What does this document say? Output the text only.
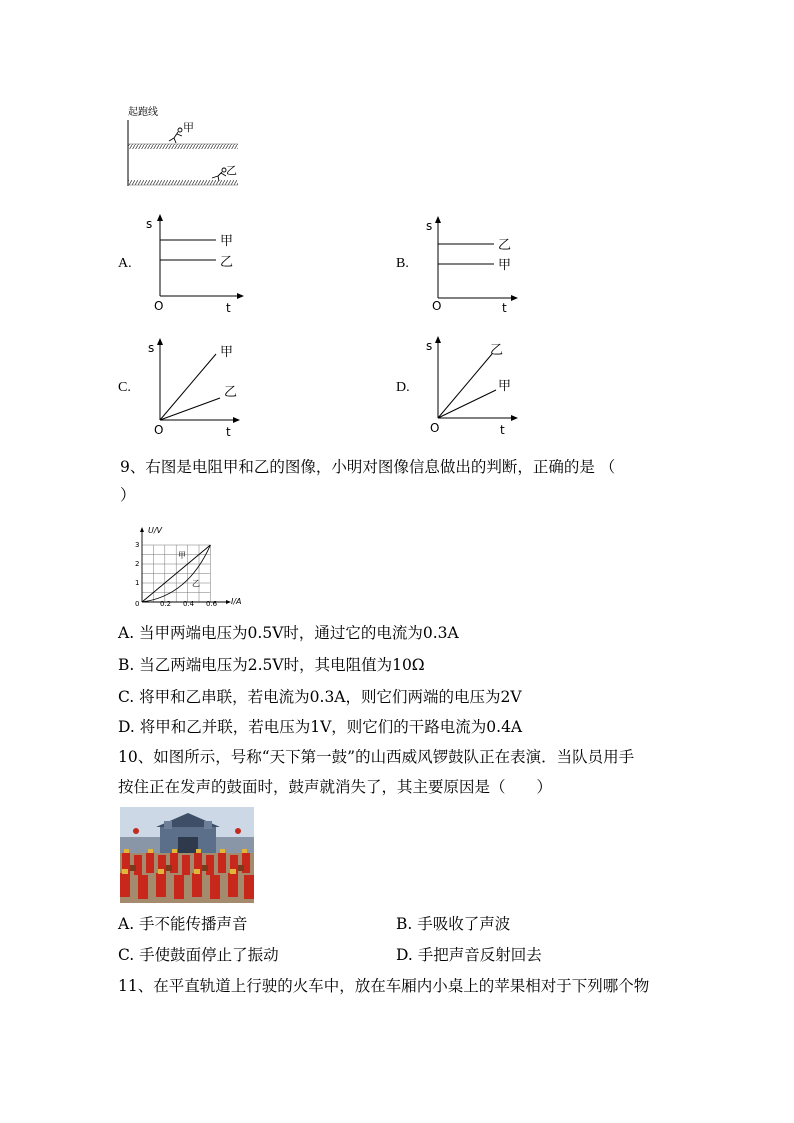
起跑线
甲
乙
A.
s
O	t
甲
乙	B.
s
O	t
乙
甲
C.
s
O	t
甲
乙	D.
s
O	t
乙
甲
9、右图是电阻甲和乙的图像，小明对图像信息做出的判断，正确的是 （
）
U/V
I/A
3
2
1
0	0.2 0.4 0.6
甲
乙
A. 当甲两端电压为0.5V时，通过它的电流为0.3A
B. 当乙两端电压为2.5V时，其电阻值为10Ω
C. 将甲和乙串联，若电流为0.3A，则它们两端的电压为2V
D. 将甲和乙并联，若电压为1V，则它们的干路电流为0.4A
10、如图所示，号称“天下第一鼓”的山西威风锣鼓队正在表演．当队员用手
按住正在发声的鼓面时，鼓声就消失了，其主要原因是（　　）
A. 手不能传播声音	B. 手吸收了声波
C. 手使鼓面停止了振动	D. 手把声音反射回去
11、在平直轨道上行驶的火车中，放在车厢内小桌上的苹果相对于下列哪个物
